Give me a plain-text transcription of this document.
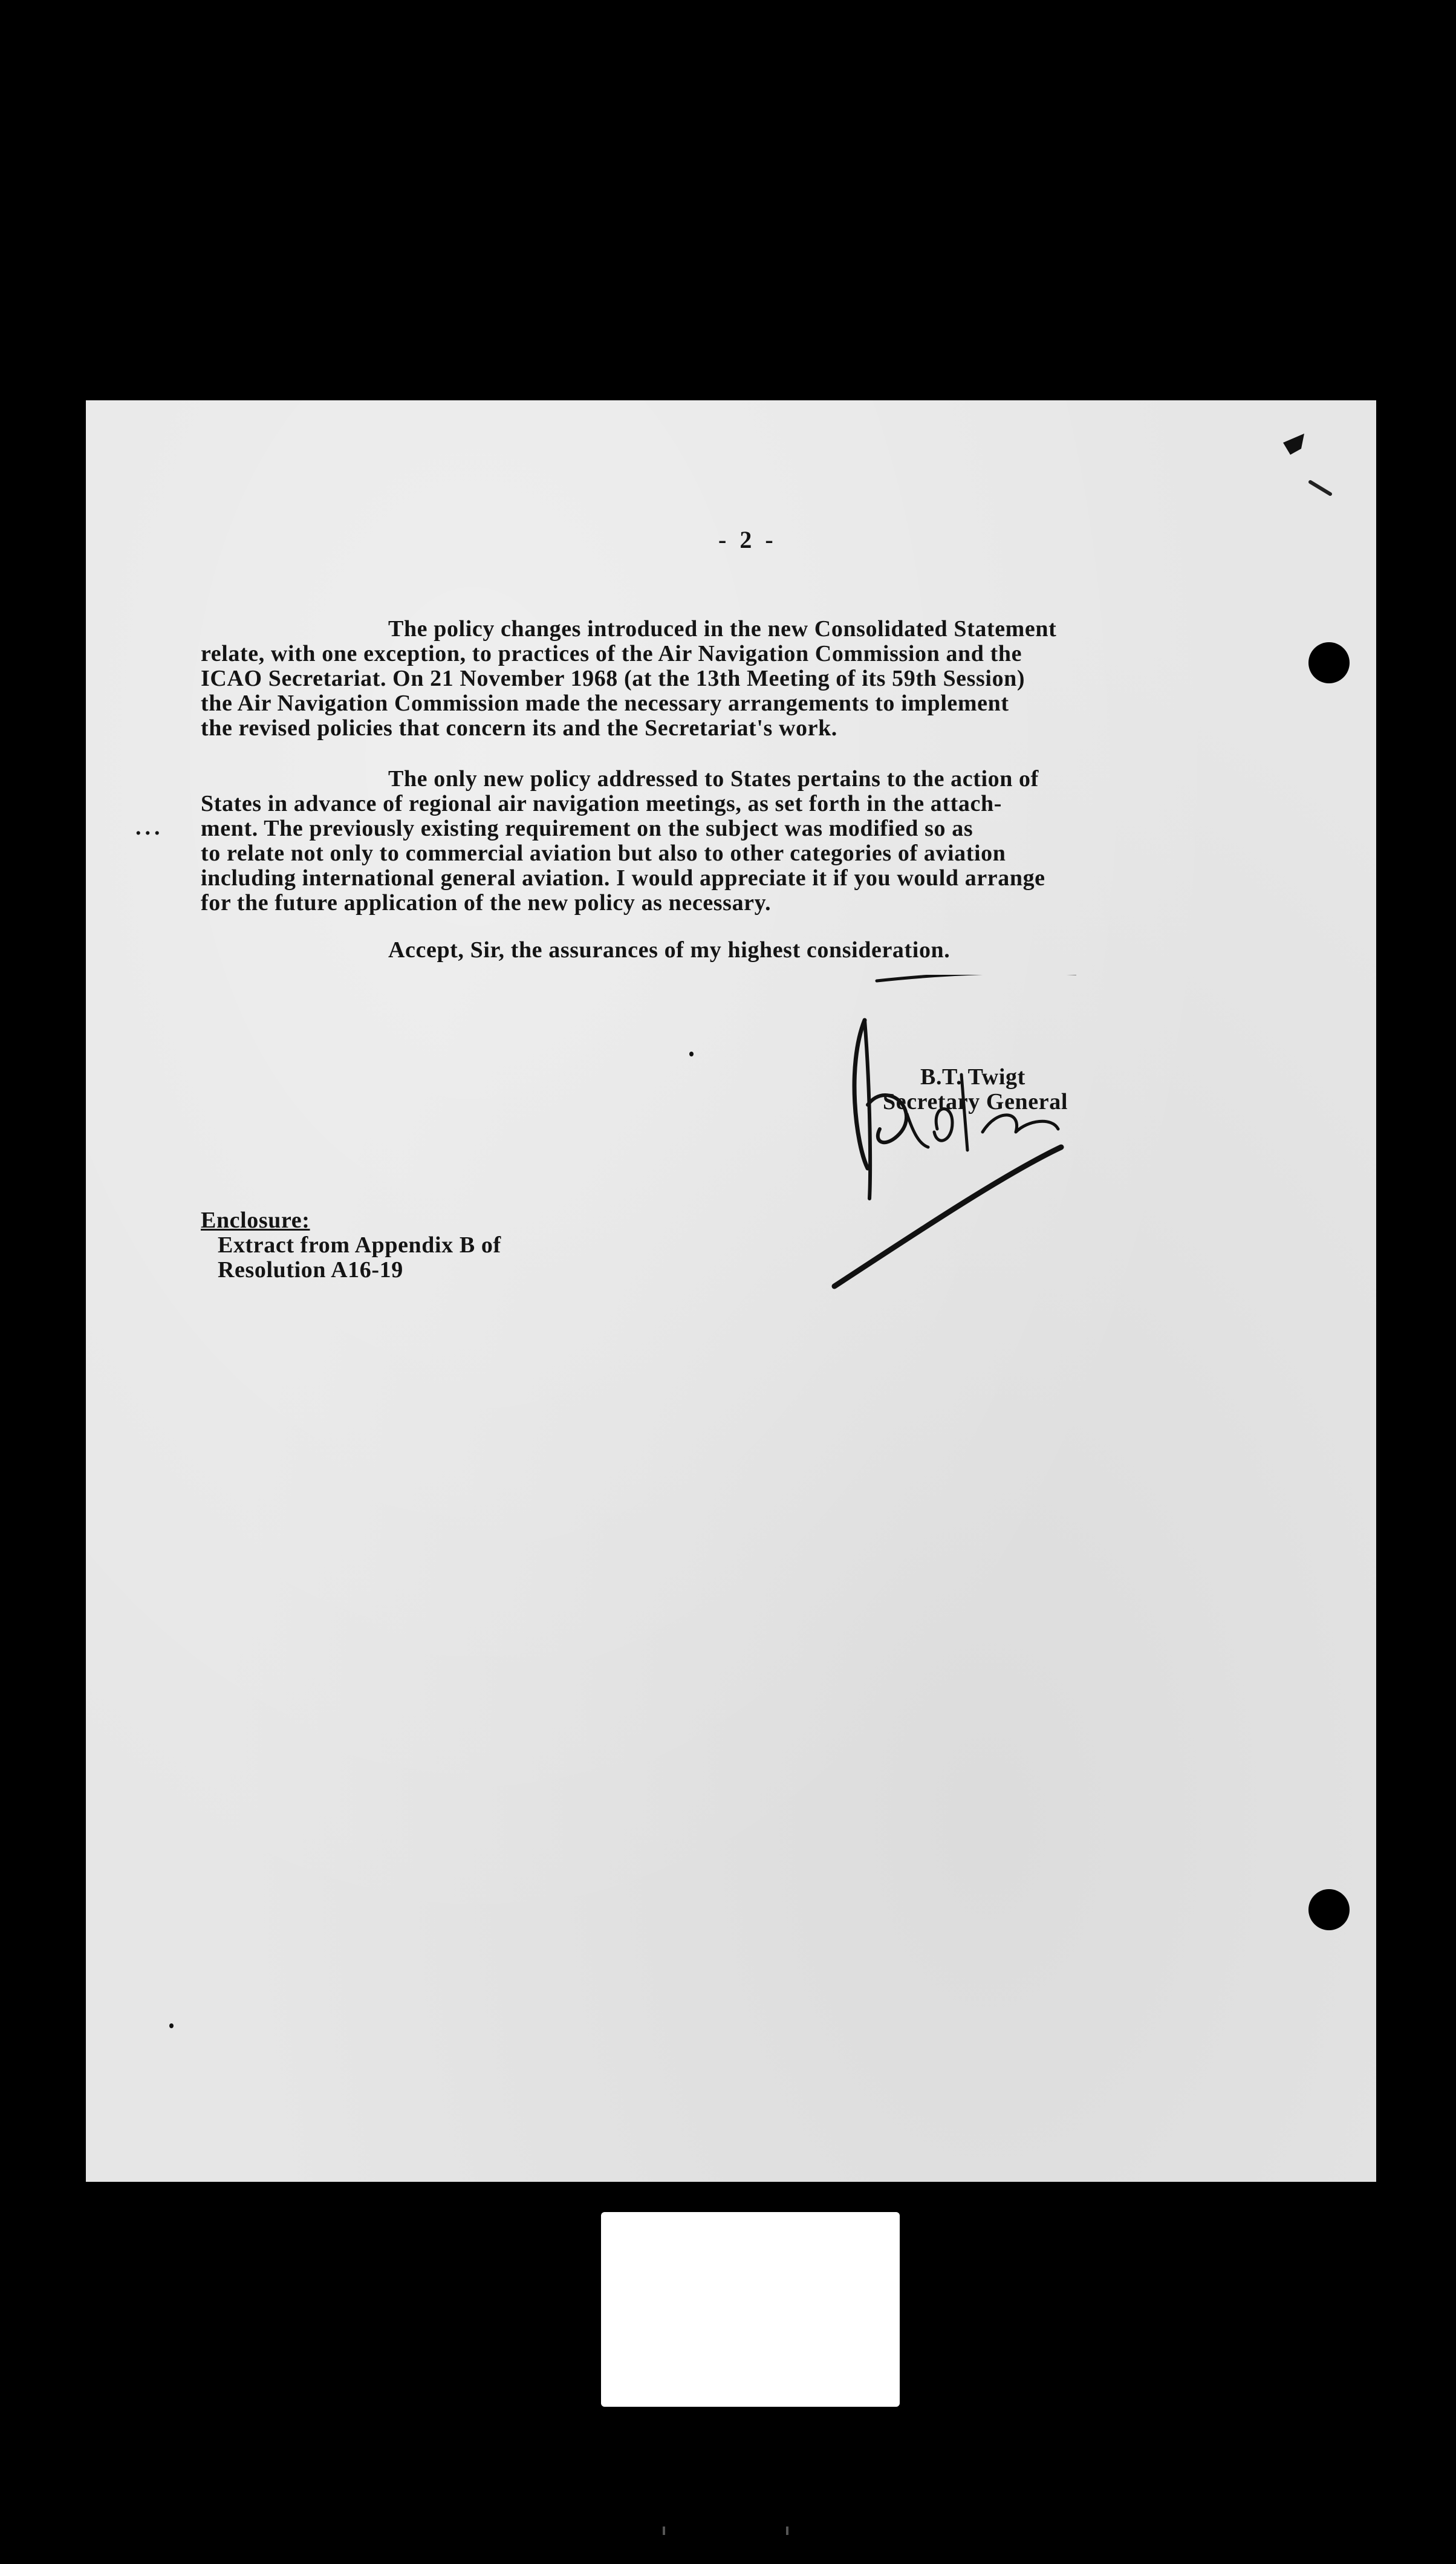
- 2 -
The policy changes introduced in the new Consolidated Statement
relate, with one exception, to practices of the Air Navigation Commission and the
ICAO Secretariat. On 21 November 1968 (at the 13th Meeting of its 59th Session)
the Air Navigation Commission made the necessary arrangements to implement
the revised policies that concern its and the Secretariat's work.
The only new policy addressed to States pertains to the action of
States in advance of regional air navigation meetings, as set forth in the attach-
ment. The previously existing requirement on the subject was modified so as
to relate not only to commercial aviation but also to other categories of aviation
including international general aviation. I would appreciate it if you would arrange
for the future application of the new policy as necessary.
...
Accept, Sir, the assurances of my highest consideration.
B.T. Twigt
Secretary General
Enclosure:
Extract from Appendix B of
Resolution A16-19
